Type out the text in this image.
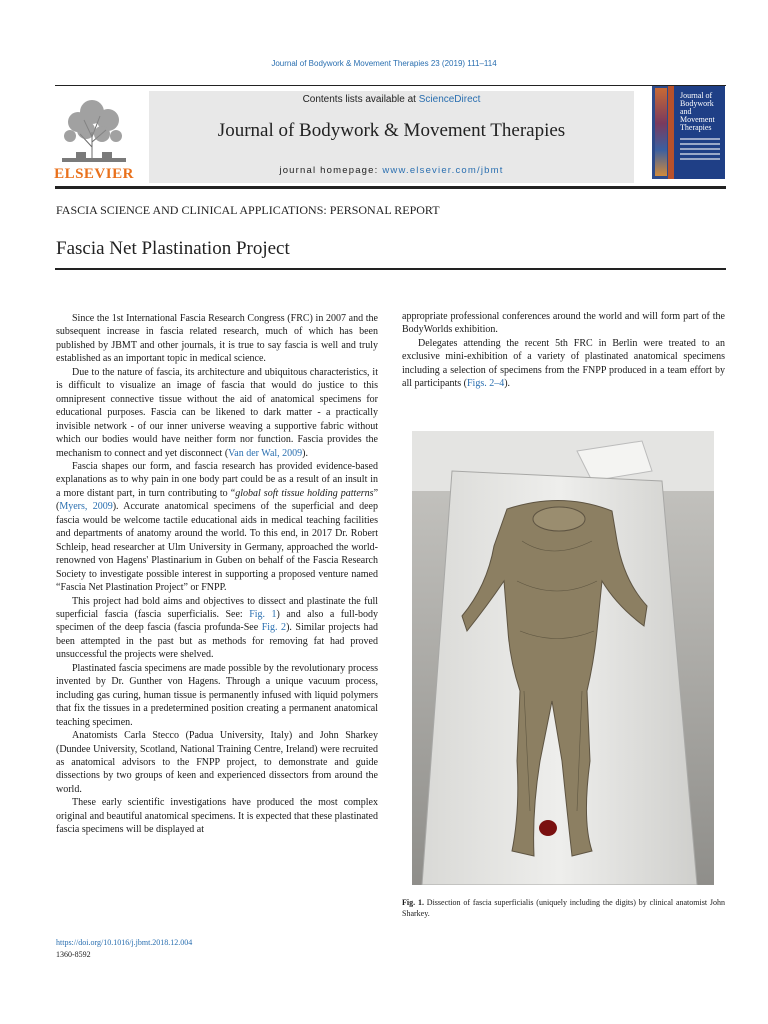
Journal of Bodywork & Movement Therapies 23 (2019) 111–114
ELSEVIER
Contents lists available at ScienceDirect
Journal of Bodywork & Movement Therapies
journal homepage: www.elsevier.com/jbmt
Journal of Bodywork and Movement Therapies
FASCIA SCIENCE AND CLINICAL APPLICATIONS: PERSONAL REPORT
Fascia Net Plastination Project

Since the 1st International Fascia Research Congress (FRC) in 2007 and the subsequent increase in fascia related research, much of which has been published by JBMT and other journals, it is true to say fascia is well and truly established as an important topic in medical science.

Due to the nature of fascia, its architecture and ubiquitous characteristics, it is difficult to visualize an image of fascia that would do justice to this omnipresent connective tissue without the aid of anatomical specimens for educational purposes. Fascia can be likened to dark matter - a practically invisible network - of our inner universe weaving a supportive fabric without which our bodies would have neither form nor function. Fascia provides the mechanism to connect and yet disconnect (Van der Wal, 2009).

Fascia shapes our form, and fascia research has provided evidence-based explanations as to why pain in one body part could be as a result of an insult in a more distant part, in turn contributing to “global soft tissue holding patterns” (Myers, 2009). Accurate anatomical specimens of the superficial and deep fascia would be welcome tactile educational aids in medical teaching facilities and departments of anatomy around the world. To this end, in 2017 Dr. Robert Schleip, head researcher at Ulm University in Germany, approached the world-renowned von Hagens' Plastinarium in Guben on behalf of the Fascia Research Society to investigate possible interest in supporting a proposed venture named “Fascia Net Plastination Project” or FNPP.

This project had bold aims and objectives to dissect and plastinate the full superficial fascia (fascia superficialis. See: Fig. 1) and also a full-body specimen of the deep fascia (fascia profunda-See Fig. 2). Similar projects had been attempted in the past but as methods for removing fat had proved unsuccessful the projects were shelved.

Plastinated fascia specimens are made possible by the revolutionary process invented by Dr. Gunther von Hagens. Through a unique vacuum process, including gas curing, human tissue is permanently infused with liquid polymers that fix the tissues in a predetermined position creating a permanent anatomical teaching specimen.

Anatomists Carla Stecco (Padua University, Italy) and John Sharkey (Dundee University, Scotland, National Training Centre, Ireland) were recruited as anatomical advisors to the FNPP project, to demonstrate and guide dissections by two groups of keen and experienced dissectors from around the world.

These early scientific investigations have produced the most complex original and beautiful anatomical specimens. It is expected that these plastinated fascia specimens will be displayed at

appropriate professional conferences around the world and will form part of the BodyWorlds exhibition.

Delegates attending the recent 5th FRC in Berlin were treated to an exclusive mini-exhibition of a variety of plastinated anatomical specimens including a selection of specimens from the FNPP produced in a team effort by all participants (Figs. 2–4).

Fig. 1. Dissection of fascia superficialis (uniquely including the digits) by clinical anatomist John Sharkey.
https://doi.org/10.1016/j.jbmt.2018.12.004
1360-8592
